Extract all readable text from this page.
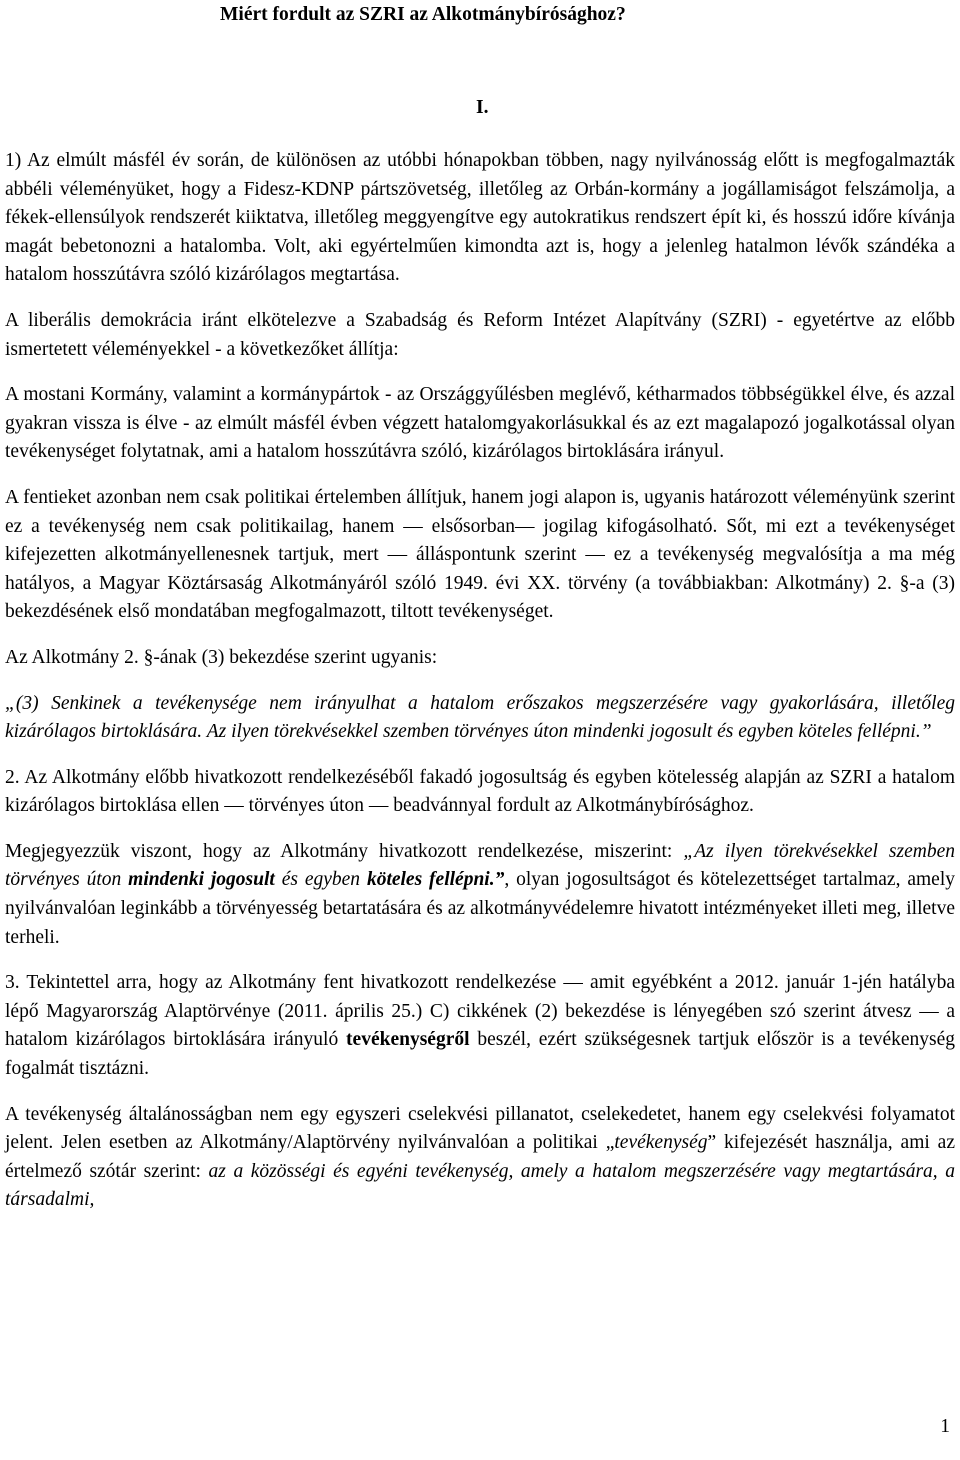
Miért fordult az SZRI az Alkotmánybírósághoz?
I.

1) Az elmúlt másfél év során, de különösen az utóbbi hónapokban többen, nagy nyilvánosság előtt is megfogalmazták abbéli véleményüket, hogy a Fidesz-KDNP pártszövetség, illetőleg az Orbán-kormány a jogállamiságot felszámolja, a fékek-ellensúlyok rendszerét kiiktatva, illetőleg meggyengítve egy autokratikus rendszert épít ki, és hosszú időre kívánja magát bebetonozni a hatalomba. Volt, aki egyértelműen kimondta azt is, hogy a jelenleg hatalmon lévők szándéka a hatalom hosszútávra szóló kizárólagos megtartása.

A liberális demokrácia iránt elkötelezve a Szabadság és Reform Intézet Alapítvány (SZRI) - egyetértve az előbb ismertetett véleményekkel - a következőket állítja:

A mostani Kormány, valamint a kormánypártok - az Országgyűlésben meglévő, kétharmados többségükkel élve, és azzal gyakran vissza is élve - az elmúlt másfél évben végzett hatalomgyakorlásukkal és az ezt magalapozó jogalkotással olyan tevékenységet folytatnak, ami a hatalom hosszútávra szóló, kizárólagos birtoklására irányul.

A fentieket azonban nem csak politikai értelemben állítjuk, hanem jogi alapon is, ugyanis határozott véleményünk szerint ez a tevékenység nem csak politikailag, hanem — elsősorban— jogilag kifogásolható. Sőt, mi ezt a tevékenységet kifejezetten alkotmányellenesnek tartjuk, mert — álláspontunk szerint — ez a tevékenység megvalósítja a ma még hatályos, a Magyar Köztársaság Alkotmányáról szóló 1949. évi XX. törvény (a továbbiakban: Alkotmány) 2. §-a (3) bekezdésének első mondatában megfogalmazott, tiltott tevékenységet.

Az Alkotmány 2. §-ának (3) bekezdése szerint ugyanis:

„(3) Senkinek a tevékenysége nem irányulhat a hatalom erőszakos megszerzésére vagy gyakorlására, illetőleg kizárólagos birtoklására. Az ilyen törekvésekkel szemben törvényes úton mindenki jogosult és egyben köteles fellépni.”

2. Az Alkotmány előbb hivatkozott rendelkezéséből fakadó jogosultság és egyben kötelesség alapján az SZRI a hatalom kizárólagos birtoklása ellen — törvényes úton — beadvánnyal fordult az Alkotmánybírósághoz.

Megjegyezzük viszont, hogy az Alkotmány hivatkozott rendelkezése, miszerint: „Az ilyen törekvésekkel szemben törvényes úton mindenki jogosult és egyben köteles fellépni.”, olyan jogosultságot és kötelezettséget tartalmaz, amely nyilvánvalóan leginkább a törvényesség betartatására és az alkotmányvédelemre hivatott intézményeket illeti meg, illetve terheli.

3. Tekintettel arra, hogy az Alkotmány fent hivatkozott rendelkezése — amit egyébként a 2012. január 1-jén hatályba lépő Magyarország Alaptörvénye (2011. április 25.) C) cikkének (2) bekezdése is lényegében szó szerint átvesz — a hatalom kizárólagos birtoklására irányuló tevékenységről beszél, ezért szükségesnek tartjuk először is a tevékenység fogalmát tisztázni.

A tevékenység általánosságban nem egy egyszeri cselekvési pillanatot, cselekedetet, hanem egy cselekvési folyamatot jelent. Jelen esetben az Alkotmány/Alaptörvény nyilvánvalóan a politikai „tevékenység” kifejezését használja, ami az értelmező szótár szerint: az a közösségi és egyéni tevékenység, amely a hatalom megszerzésére vagy megtartására, a társadalmi,

1
